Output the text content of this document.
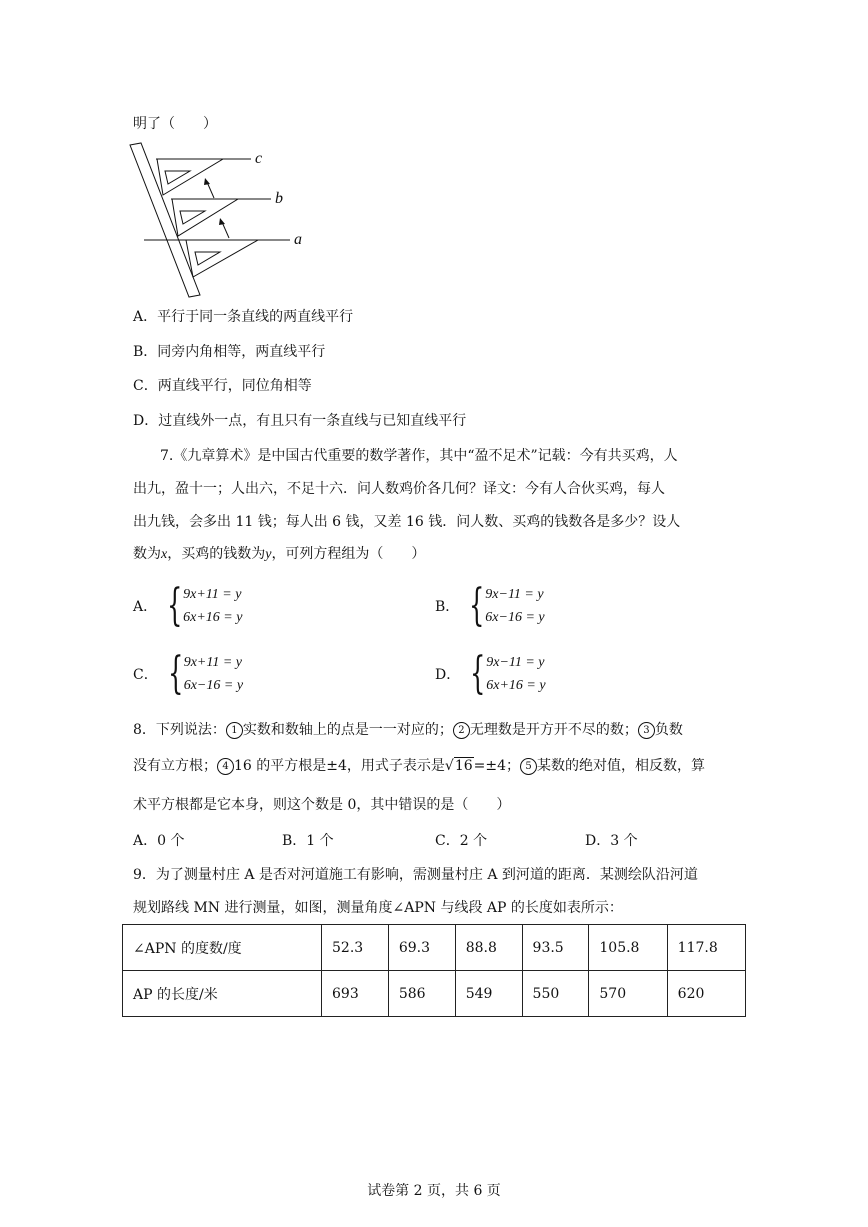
明了（　　）
c
b
a
A．平行于同一条直线的两直线平行
B．同旁内角相等，两直线平行
C．两直线平行，同位角相等
D．过直线外一点，有且只有一条直线与已知直线平行
7.《九章算术》是中国古代重要的数学著作，其中“盈不足术”记载：今有共买鸡，人
出九，盈十一；人出六，不足十六．问人数鸡价各几何？译文：今有人合伙买鸡，每人
出九钱，会多出 11 钱；每人出 6 钱，又差 16 钱．问人数、买鸡的钱数各是多少？设人
数为x，买鸡的钱数为y，可列方程组为（　　）
A． { 9x+11 = y
6x+16 = y
B． { 9x−11 = y
6x−16 = y
C． { 9x+11 = y
6x−16 = y
D． { 9x−11 = y
6x+16 = y
8．下列说法： 1 实数和数轴上的点是一一对应的； 2 无理数是开方开不尽的数； 3 负数
没有立方根； 4 16 的平方根是±4，用式子表示是√16=±4； 5 某数的绝对值，相反数，算
术平方根都是它本身，则这个数是 0，其中错误的是（　　）
A．0 个	B．1 个	C．2 个	D．3 个
9．为了测量村庄 A 是否对河道施工有影响，需测量村庄 A 到河道的距离．某测绘队沿河道
规划路线 MN 进行测量，如图，测量角度∠APN 与线段 AP 的长度如表所示：
∠APN 的度数/度	52.3	69.3	88.8	93.5	105.8	117.8
AP 的长度/米	693	586	549	550	570	620
试卷第 2 页，共 6 页
